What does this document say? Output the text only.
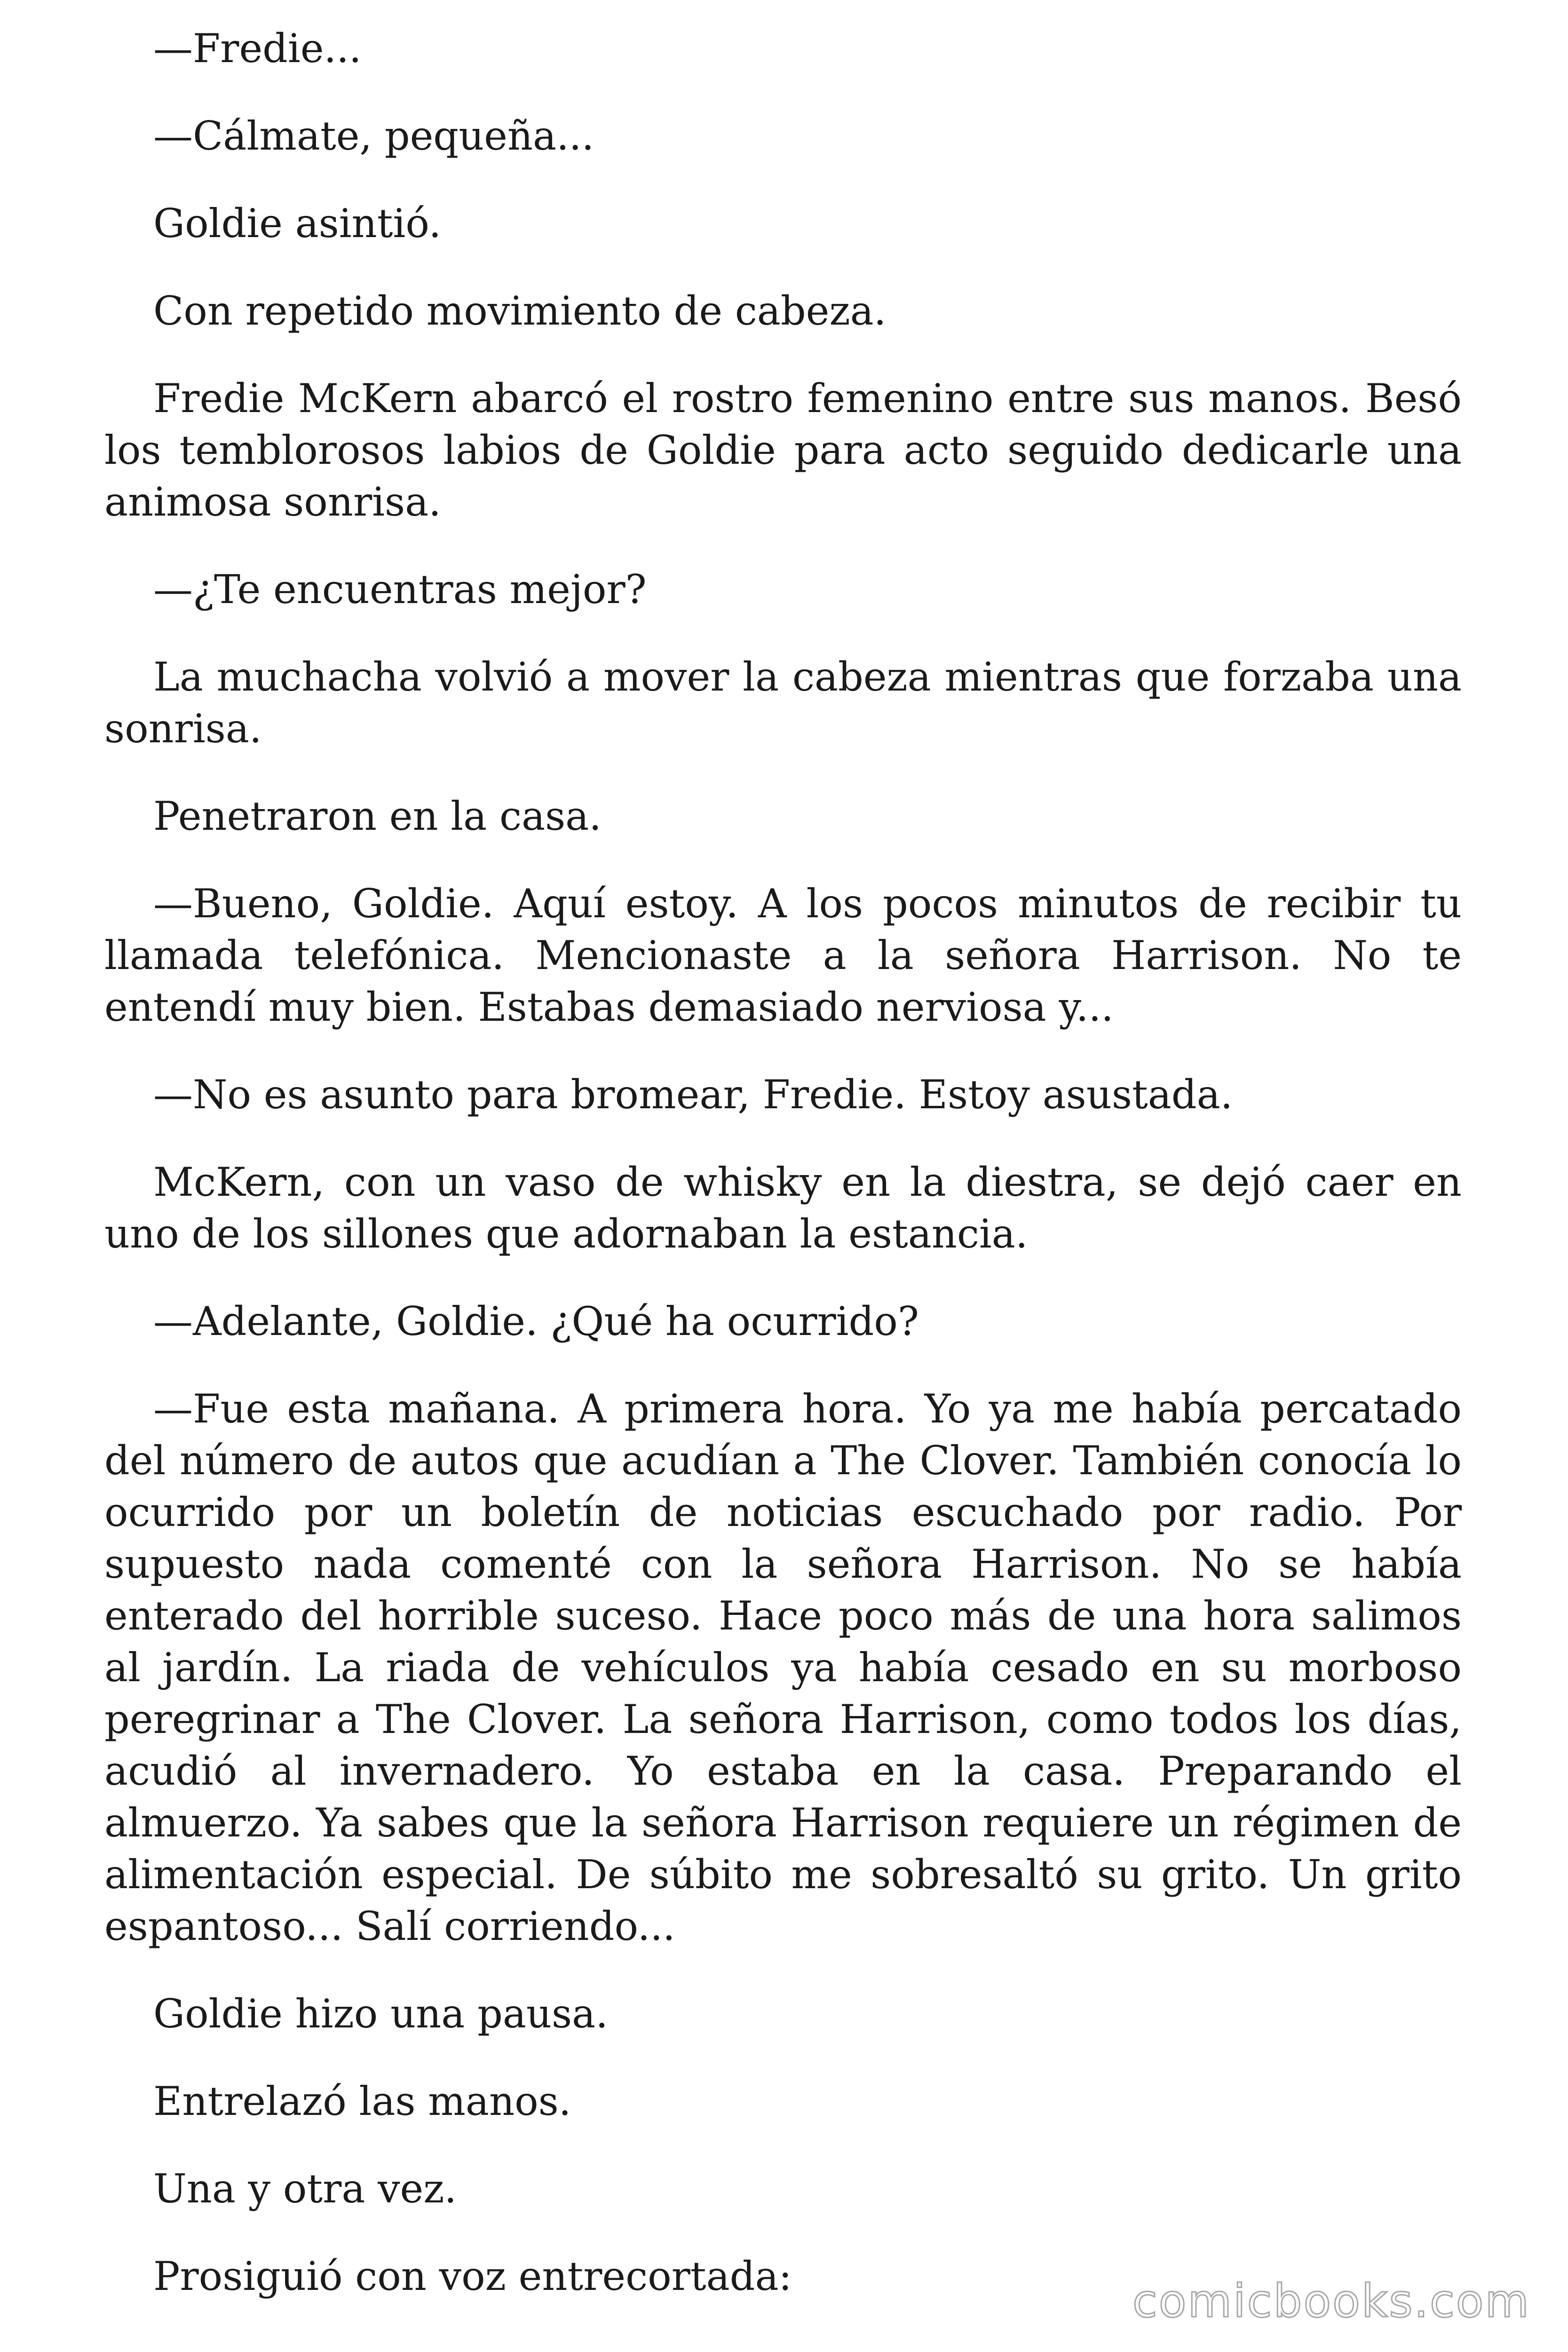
—Fredie...

—Cálmate, pequeña...

Goldie asintió.

Con repetido movimiento de cabeza.

Fredie McKern abarcó el rostro femenino entre sus manos. Besó los temblorosos labios de Goldie para acto seguido dedicarle una animosa sonrisa.

—¿Te encuentras mejor?

La muchacha volvió a mover la cabeza mientras que forzaba una sonrisa.

Penetraron en la casa.

—Bueno, Goldie. Aquí estoy. A los pocos minutos de recibir tu llamada telefónica. Mencionaste a la señora Harrison. No te entendí muy bien. Estabas demasiado nerviosa y...

—No es asunto para bromear, Fredie. Estoy asustada.

McKern, con un vaso de whisky en la diestra, se dejó caer en uno de los sillones que adornaban la estancia.

—Adelante, Goldie. ¿Qué ha ocurrido?

—Fue esta mañana. A primera hora. Yo ya me había percatado del número de autos que acudían a The Clover. También conocía lo ocurrido por un boletín de noticias escuchado por radio. Por supuesto nada comenté con la señora Harrison. No se había enterado del horrible suceso. Hace poco más de una hora salimos al jardín. La riada de vehículos ya había cesado en su morboso peregrinar a The Clover. La señora Harrison, como todos los días, acudió al invernadero. Yo estaba en la casa. Preparando el almuerzo. Ya sabes que la señora Harrison requiere un régimen de alimentación especial. De súbito me sobresaltó su grito. Un grito espantoso... Salí corriendo...

Goldie hizo una pausa.

Entrelazó las manos.

Una y otra vez.

Prosiguió con voz entrecortada:	comicbooks.com
